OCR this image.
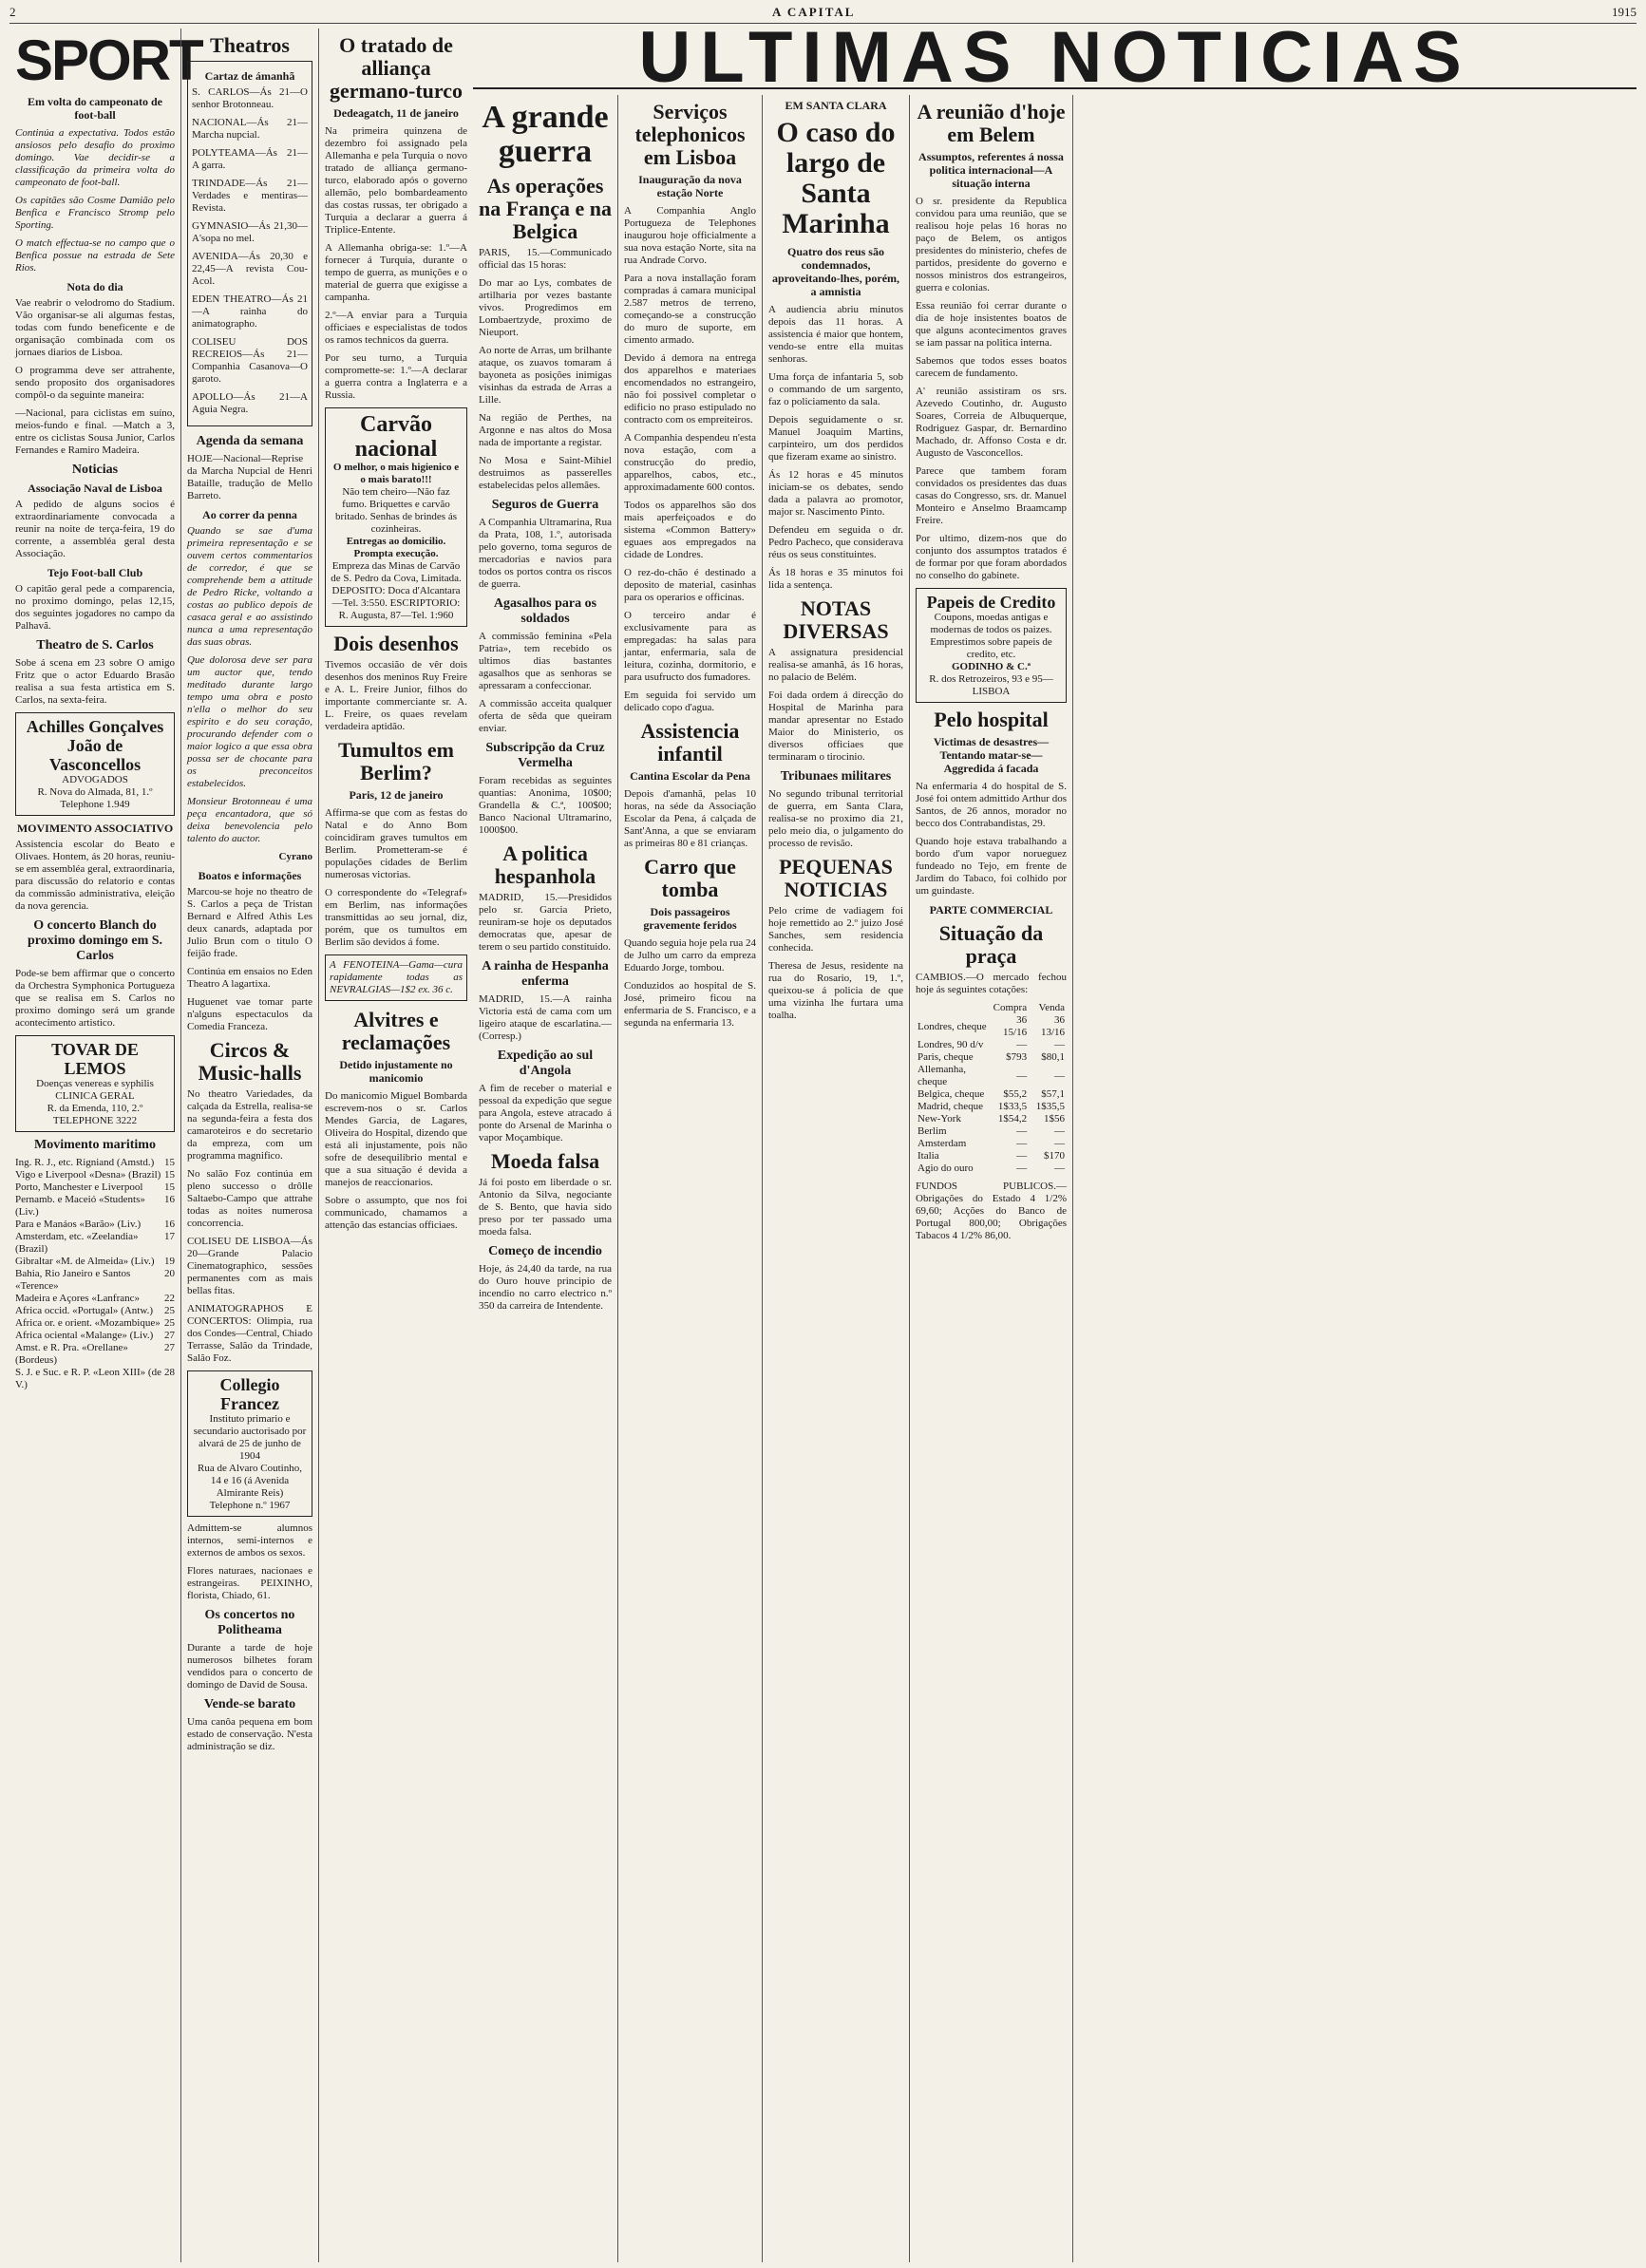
2	A CAPITAL	1915
SPORT
Em volta do campeonato de foot-ball

Continúa a expectativa. Todos estão ansiosos pelo desafio do proximo domingo. Vae decidir-se a classificação da primeira volta do campeonato de foot-ball.

Os capitães são Cosme Damião pelo Benfica e Francisco Stromp pelo Sporting.

O match effectua-se no campo que o Benfica possue na estrada de Sete Rios.

Nota do dia

Vae reabrir o velodromo do Stadium. Vão organisar-se ali algumas festas, todas com fundo beneficente e de organisação combinada com os jornaes diarios de Lisboa.

O programma deve ser attrahente, sendo proposito dos organisadores compôl-o da seguinte maneira:

—Nacional, para ciclistas em suíno, meios-fundo e final. —Match a 3, entre os ciclistas Sousa Junior, Carlos Fernandes e Ramiro Madeira.

Noticias
Associação Naval de Lisboa

A pedido de alguns socios é extraordinariamente convocada a reunir na noite de terça-feira, 19 do corrente, a assembléa geral desta Associação.

Tejo Foot-ball Club

O capitão geral pede a comparencia, no proximo domingo, pelas 12,15, dos seguintes jogadores no campo da Palhavã.

Theatro de S. Carlos

Sobe á scena em 23 sobre O amigo Fritz que o actor Eduardo Brasão realisa a sua festa artistica em S. Carlos, na sexta-feira.

Achilles Gonçalves
João de Vasconcellos
ADVOGADOS
R. Nova do Almada, 81, 1.º
Telephone 1.949
MOVIMENTO ASSOCIATIVO

Assistencia escolar do Beato e Olivaes. Hontem, ás 20 horas, reuniu-se em assembléa geral, extraordinaria, para discussão do relatorio e contas da commissão administrativa, eleição da nova gerencia.

O concerto Blanch do proximo domingo em S. Carlos

Pode-se bem affirmar que o concerto da Orchestra Symphonica Portugueza que se realisa em S. Carlos no proximo domingo será um grande acontecimento artistico.

TOVAR DE LEMOS
Doenças venereas e syphilis
CLINICA GERAL
R. da Emenda, 110, 2.º
TELEPHONE 3222
Movimento maritimo
Ing. R. J., etc. Rigniand (Amstd.) 15
Vigo e Liverpool «Desna» (Brazil) 15
Porto, Manchester e Liverpool 15
Pernamb. e Maceió «Students» (Liv.)
16
Para e Manáos «Barão» (Liv.) 16
Amsterdam, etc. «Zeelandia» (Brazil)
17
Gibraltar «M. de Almeida» (Liv.) 19
Bahia, Rio Janeiro e Santos «Terence»
20
Madeira e Açores «Lanfranc» 22
Africa occid. «Portugal» (Antw.) 25
Africa or. e orient. «Mozambique» 25
Africa ociental «Malange» (Liv.) 27
Amst. e R. Pra. «Orellane» (Bordeus)
27
S. J. e Suc. e R. P. «Leon XIII» (de V.)
28
Theatros
Cartaz de ámanhã

S. CARLOS—Ás 21—O senhor Brotonneau.

NACIONAL—Ás 21—Marcha nupcial.

POLYTEAMA—Ás 21—A garra.

TRINDADE—Ás 21—Verdades e mentiras—Revista.

GYMNASIO—Ás 21,30—A'sopa no mel.

AVENIDA—Ás 20,30 e 22,45—A revista Cou-Acol.

EDEN THEATRO—Ás 21—A rainha do animatographo.

COLISEU DOS RECREIOS—Ás 21—Companhia Casanova—O garoto.

APOLLO—Ás 21—A Aguia Negra.

Agenda da semana

HOJE—Nacional—Reprise da Marcha Nupcial de Henri Bataille, tradução de Mello Barreto.

Ao correr da penna

Quando se sae d'uma primeira representação e se ouvem certos commentarios de corredor, é que se comprehende bem a attitude de Pedro Ricke, voltando a costas ao publico depois de casaca geral e ao assistindo nunca a uma representação das suas obras.

Que dolorosa deve ser para um auctor que, tendo meditado durante largo tempo uma obra e posto n'ella o melhor do seu espirito e do seu coração, procurando defender com o maior logico a que essa obra possa ser de chocante para os preconceitos estabelecidos.

Monsieur Brotonneau é uma peça encantadora, que só deixa benevolencia pelo talento do auctor.

Cyrano
Boatos e informações

Marcou-se hoje no theatro de S. Carlos a peça de Tristan Bernard e Alfred Athis Les deux canards, adaptada por Julio Brun com o titulo O feijão frade.

Continúa em ensaios no Eden Theatro A lagartixa.

Huguenet vae tomar parte n'alguns espectaculos da Comedia Franceza.

Circos & Music-halls

No theatro Variedades, da calçada da Estrella, realisa-se na segunda-feira a festa dos camaroteiros e do secretario da empreza, com um programma magnifico.

No salão Foz continúa em pleno successo o drôlle Saltaebo-Campo que attrahe todas as noites numerosa concorrencia.

COLISEU DE LISBOA—Ás 20—Grande Palacio Cinematographico, sessões permanentes com as mais bellas fitas.

ANIMATOGRAPHOS E CONCERTOS: Olimpia, rua dos Condes—Central, Chiado Terrasse, Salão da Trindade, Salão Foz.

Collegio Francez
Instituto primario e secundario auctorisado por alvará de 25 de junho de 1904
Rua de Alvaro Coutinho, 14 e 16 (á Avenida Almirante Reis)
Telephone n.º 1967

Admittem-se alumnos internos, semi-internos e externos de ambos os sexos.

Flores naturaes, nacionaes e estrangeiras. PEIXINHO, florista, Chiado, 61.

Os concertos no Politheama

Durante a tarde de hoje numerosos bilhetes foram vendidos para o concerto de domingo de David de Sousa.

Vende-se barato

Uma canôa pequena em bom estado de conservação. N'esta administração se diz.

O tratado de alliança germano-turco
Dedeagatch, 11 de janeiro

Na primeira quinzena de dezembro foi assignado pela Allemanha e pela Turquia o novo tratado de alliança germano-turco, elaborado após o governo allemão, pelo bombardeamento das costas russas, ter obrigado a Turquia a declarar a guerra á Triplice-Entente.

A Allemanha obriga-se: 1.º—A fornecer á Turquia, durante o tempo de guerra, as munições e o material de guerra que exigisse a campanha.

2.º—A enviar para a Turquia officiaes e especialistas de todos os ramos technicos da guerra.

Por seu turno, a Turquia compromette-se: 1.º—A declarar a guerra contra a Inglaterra e a Russia.

Carvão nacional
O melhor, o mais higienico e o mais barato!!!
Não tem cheiro—Não faz fumo. Briquettes e carvão britado. Senhas de brindes ás cozinheiras.
Entregas ao domicilio. Prompta execução.
Empreza das Minas de Carvão de S. Pedro da Cova, Limitada. DEPOSITO: Doca d'Alcantara—Tel. 3:550. ESCRIPTORIO: R. Augusta, 87—Tel. 1:960
Dois desenhos

Tivemos occasião de vêr dois desenhos dos meninos Ruy Freire e A. L. Freire Junior, filhos do importante commerciante sr. A. L. Freire, os quaes revelam verdadeira aptidão.

Tumultos em Berlim?
Paris, 12 de janeiro

Affirma-se que com as festas do Natal e do Anno Bom coincidiram graves tumultos em Berlim. Prometteram-se é populações cidades de Berlim numerosas victorias.

O correspondente do «Telegraf» em Berlim, nas informações transmittidas ao seu jornal, diz, porém, que os tumultos em Berlim são devidos á fome.

A FENOTEINA—Gama—cura rapidamente todas as NEVRALGIAS—1$2 ex. 36 c.
Alvitres e reclamações
Detido injustamente no manicomio

Do manicomio Miguel Bombarda escrevem-nos o sr. Carlos Mendes Garcia, de Lagares, Oliveira do Hospital, dizendo que está ali injustamente, pois não sofre de desequilibrio mental e que a sua situação é devida a manejos de reaccionarios.

Sobre o assumpto, que nos foi communicado, chamamos a attenção das estancias officiaes.

ULTIMAS NOTICIAS
A grande guerra
As operações na França e na Belgica

PARIS, 15.—Communicado official das 15 horas:

Do mar ao Lys, combates de artilharia por vezes bastante vivos. Progredimos em Lombaertzyde, proximo de Nieuport.

Ao norte de Arras, um brilhante ataque, os zuavos tomaram á bayoneta as posições inimigas visinhas da estrada de Arras a Lille.

Na região de Perthes, na Argonne e nas altos do Mosa nada de importante a registar.

No Mosa e Saint-Mihiel destruimos as passerelles estabelecidas pelos allemães.

Seguros de Guerra

A Companhia Ultramarina, Rua da Prata, 108, 1.º, autorisada pelo governo, toma seguros de mercadorias e navios para todos os portos contra os riscos de guerra.

Agasalhos para os soldados

A commissão feminina «Pela Patria», tem recebido os ultimos dias bastantes agasalhos que as senhoras se apressaram a confeccionar.

A commissão acceita qualquer oferta de sêda que queiram enviar.

Subscripção da Cruz Vermelha

Foram recebidas as seguintes quantias: Anonima, 10$00; Grandella & C.ª, 100$00; Banco Nacional Ultramarino, 1000$00.

A politica hespanhola

MADRID, 15.—Presididos pelo sr. Garcia Prieto, reuniram-se hoje os deputados democratas que, apesar de terem o seu partido constituido.

A rainha de Hespanha enferma

MADRID, 15.—A rainha Victoria está de cama com um ligeiro ataque de escarlatina.—(Corresp.)

Expedição ao sul d'Angola

A fim de receber o material e pessoal da expedição que segue para Angola, esteve atracado á ponte do Arsenal de Marinha o vapor Moçambique.

Moeda falsa

Já foi posto em liberdade o sr. Antonio da Silva, negociante de S. Bento, que havia sido preso por ter passado uma moeda falsa.

Começo de incendio

Hoje, ás 24,40 da tarde, na rua do Ouro houve principio de incendio no carro electrico n.º 350 da carreira de Intendente.

Serviços telephonicos em Lisboa
Inauguração da nova estação Norte

A Companhia Anglo Portugueza de Telephones inaugurou hoje officialmente a sua nova estação Norte, sita na rua Andrade Corvo.

Para a nova installação foram compradas á camara municipal 2.587 metros de terreno, começando-se a construcção do muro de suporte, em cimento armado.

Devido á demora na entrega dos apparelhos e materiaes encomendados no estrangeiro, não foi possivel completar o edificio no praso estipulado no contracto com os empreiteiros.

A Companhia despendeu n'esta nova estação, com a construcção do predio, apparelhos, cabos, etc., approximadamente 600 contos.

Todos os apparelhos são dos mais aperfeiçoados e do sistema «Common Battery» eguaes aos empregados na cidade de Londres.

O rez-do-chão é destinado a deposito de material, casinhas para os operarios e officinas.

O terceiro andar é exclusivamente para as empregadas: ha salas para jantar, enfermaria, sala de leitura, cozinha, dormitorio, e para usufructo dos fumadores.

Em seguida foi servido um delicado copo d'agua.

Assistencia infantil
Cantina Escolar da Pena

Depois d'amanhã, pelas 10 horas, na séde da Associação Escolar da Pena, á calçada de Sant'Anna, a que se enviaram as primeiras 80 e 81 crianças.

Carro que tomba
Dois passageiros gravemente feridos

Quando seguia hoje pela rua 24 de Julho um carro da empreza Eduardo Jorge, tombou.

Conduzidos ao hospital de S. José, primeiro ficou na enfermaria de S. Francisco, e a segunda na enfermaria 13.

EM SANTA CLARA
O caso do largo de Santa Marinha
Quatro dos reus são condemnados, aproveitando-lhes, porém, a amnistia

A audiencia abriu minutos depois das 11 horas. A assistencia é maior que hontem, vendo-se entre ella muitas senhoras.

Uma força de infantaria 5, sob o commando de um sargento, faz o policiamento da sala.

Depois seguidamente o sr. Manuel Joaquim Martins, carpinteiro, um dos perdidos que fizeram exame ao sinistro.

Ás 12 horas e 45 minutos iniciam-se os debates, sendo dada a palavra ao promotor, major sr. Nascimento Pinto.

Defendeu em seguida o dr. Pedro Pacheco, que considerava réus os seus constituintes.

Ás 18 horas e 35 minutos foi lida a sentença.

NOTAS DIVERSAS

A assignatura presidencial realisa-se amanhã, ás 16 horas, no palacio de Belém.

Foi dada ordem á direcção do Hospital de Marinha para mandar apresentar no Estado Maior do Ministerio, os diversos officiaes que terminaram o tirocinio.

Tribunaes militares

No segundo tribunal territorial de guerra, em Santa Clara, realisa-se no proximo dia 21, pelo meio dia, o julgamento do processo de revisão.

PEQUENAS NOTICIAS

Pelo crime de vadiagem foi hoje remettido ao 2.º juizo José Sanches, sem residencia conhecida.

Theresa de Jesus, residente na rua do Rosario, 19, 1.º, queixou-se á policia de que uma vizinha lhe furtara uma toalha.

A reunião d'hoje em Belem
Assumptos, referentes á nossa politica internacional—A situação interna

O sr. presidente da Republica convidou para uma reunião, que se realisou hoje pelas 16 horas no paço de Belem, os antigos presidentes do ministerio, chefes de partidos, presidente do governo e nossos ministros dos estrangeiros, guerra e colonias.

Essa reunião foi cerrar durante o dia de hoje insistentes boatos de que alguns acontecimentos graves se iam passar na politica interna.

Sabemos que todos esses boatos carecem de fundamento.

A' reunião assistiram os srs. Azevedo Coutinho, dr. Augusto Soares, Correia de Albuquerque, Rodriguez Gaspar, dr. Bernardino Machado, dr. Affonso Costa e dr. Augusto de Vasconcellos.

Parece que tambem foram convidados os presidentes das duas casas do Congresso, srs. dr. Manuel Monteiro e Anselmo Braamcamp Freire.

Por ultimo, dizem-nos que do conjunto dos assumptos tratados é de formar por que foram abordados no conselho do gabinete.

Papeis de Credito
Coupons, moedas antigas e modernas de todos os paizes.
Emprestimos sobre papeis de credito, etc.
GODINHO & C.ª
R. dos Retrozeiros, 93 e 95—LISBOA
Pelo hospital
Victimas de desastres—Tentando matar-se—Aggredida á facada

Na enfermaria 4 do hospital de S. José foi ontem admittido Arthur dos Santos, de 26 annos, morador no becco dos Contrabandistas, 29.

Quando hoje estava trabalhando a bordo d'um vapor norueguez fundeado no Tejo, em frente de Jardim do Tabaco, foi colhido por um guindaste.

PARTE COMMERCIAL
Situação da praça

CAMBIOS.—O mercado fechou hoje ás seguintes cotações:

	Compra	Venda
Londres, cheque	36 15/16	36 13/16
Londres, 90 d/v	—	—
Paris, cheque	$793	$80,1
Allemanha, cheque	—	—
Belgica, cheque	$55,2	$57,1
Madrid, cheque	1$33,5	1$35,5
New-York	1$54,2	1$56
Berlim	—	—
Amsterdam	—	—
Italia	—	$170
Agio do ouro	—	—

FUNDOS PUBLICOS.—Obrigações do Estado 4 1/2% 69,60; Acções do Banco de Portugal 800,00; Obrigações Tabacos 4 1/2% 86,00.
